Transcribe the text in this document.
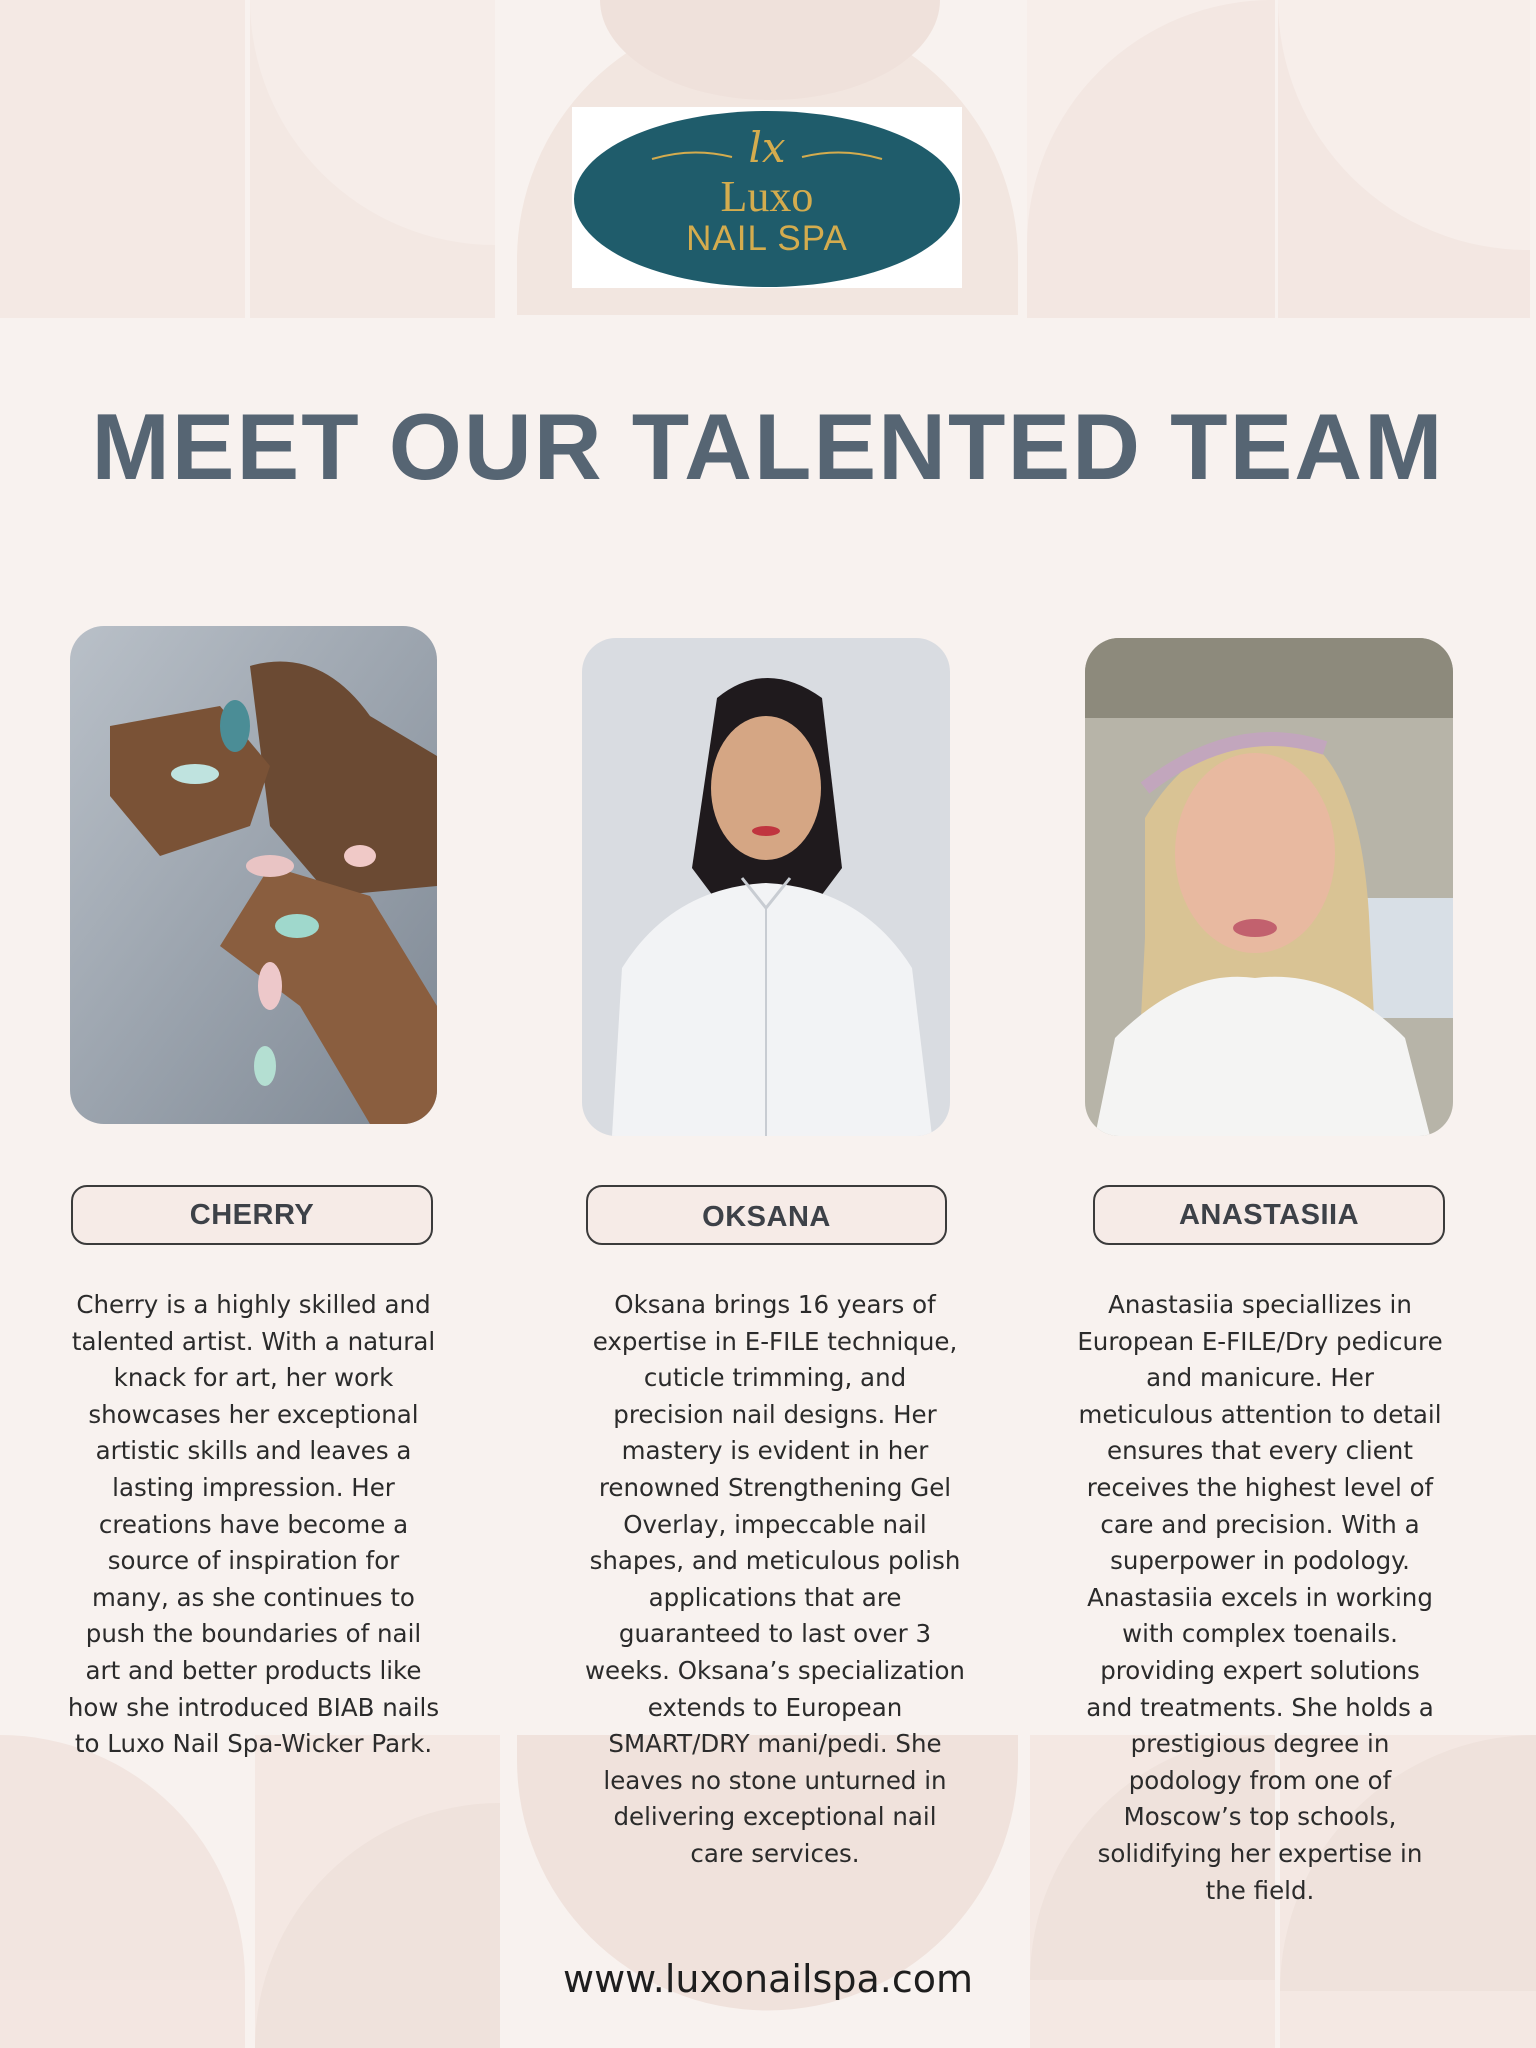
lx
Luxo
NAIL SPA
MEET OUR TALENTED TEAM
CHERRY	OKSANA	ANASTASIIA

Cherry is a highly skilled and talented artist. With a natural knack for art, her work showcases her exceptional artistic skills and leaves a lasting impression. Her creations have become a source of inspiration for many, as she continues to push the boundaries of nail art and better products like how she introduced BIAB nails to Luxo Nail Spa-Wicker Park.

Oksana brings 16 years of expertise in E-FILE technique, cuticle trimming, and precision nail designs. Her mastery is evident in her renowned Strengthening Gel Overlay, impeccable nail shapes, and meticulous polish applications that are guaranteed to last over 3 weeks. Oksana’s specialization extends to European SMART/DRY mani/pedi. She leaves no stone unturned in delivering exceptional nail care services.

Anastasiia speciallizes in European E-FILE/Dry pedicure and manicure. Her meticulous attention to detail ensures that every client receives the highest level of care and precision. With a superpower in podology. Anastasiia excels in working with complex toenails. providing expert solutions and treatments. She holds a prestigious degree in podology from one of Moscow’s top schools, solidifying her expertise in the field.

www.luxonailspa.com
